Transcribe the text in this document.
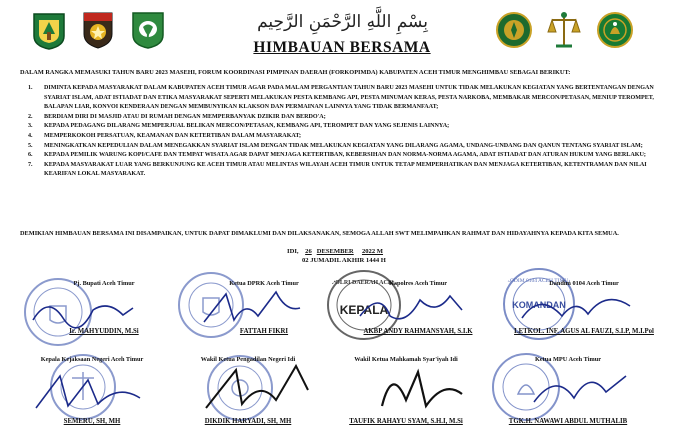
بِسْمِ اللَّهِ الرَّحْمَنِ الرَّحِيم
HIMBAUAN BERSAMA
DALAM RANGKA MEMASUKI TAHUN BARU 2023 MASEHI, FORUM KOORDINASI PIMPINAN DAERAH (FORKOPIMDA) KABUPATEN ACEH TIMUR MENGHIMBAU SEBAGAI BERIKUT:
1. DIMINTA KEPADA MASYARAKAT DALAM KABUPATEN ACEH TIMUR AGAR PADA MALAM PERGANTIAN TAHUN BARU 2023 MASEHI UNTUK TIDAK MELAKUKAN KEGIATAN YANG BERTENTANGAN DENGAN SYARIAT ISLAM, ADAT ISTIADAT DAN ETIKA MASYARAKAT SEPERTI MELAKUKAN PESTA KEMBANG API, PESTA MINUMAN KERAS, PESTA NARKOBA, MEMBAKAR MERCON/PETASAN, MENIUP TEROMPET, BALAPAN LIAR, KONVOI KENDERAAN DENGAN MEMBUNYIKAN KLAKSON DAN PERMAINAN LAINNYA YANG TIDAK BERMANFAAT;
2. BERDIAM DIRI DI MASJID ATAU DI RUMAH DENGAN MEMPERBANYAK DZIKIR DAN BERDO'A;
3. KEPADA PEDAGANG DILARANG MEMPERJUAL BELIKAN MERCON/PETASAN, KEMBANG API, TEROMPET DAN YANG SEJENIS LAINNYA;
4. MEMPERKOKOH PERSATUAN, KEAMANAN DAN KETERTIBAN DALAM MASYARAKAT;
5. MENINGKATKAN KEPEDULIAN DALAM MENEGAKKAN SYARIAT ISLAM DENGAN TIDAK MELAKUKAN KEGIATAN YANG DILARANG AGAMA, UNDANG-UNDANG DAN QANUN TENTANG SYARIAT ISLAM;
6. KEPADA PEMILIK WARUNG KOPI/CAFE DAN TEMPAT WISATA AGAR DAPAT MENJAGA KETERTIBAN, KEBERSIHAN DAN NORMA-NORMA AGAMA, ADAT ISTIADAT DAN ATURAN HUKUM YANG BERLAKU;
7. KEPADA MASYARAKAT LUAR YANG BERKUNJUNG KE ACEH TIMUR ATAU MELINTAS WILAYAH ACEH TIMUR UNTUK TETAP MEMPERHATIKAN DAN MENJAGA KETERTIBAN, KETENTRAMAN DAN NILAI KEARIFAN LOKAL MASYARAKAT.
DEMIKIAN HIMBAUAN BERSAMA INI DISAMPAIKAN, UNTUK DAPAT DIMAKLUMI DAN DILAKSANAKAN, SEMOGA ALLAH SWT MELIMPAHKAN RAHMAT DAN HIDAYAHNYA KEPADA KITA SEMUA.
IDI, 26 DESEMBER 2022 M
02 JUMADIL AKHIR 1444 H
POLRI DAERAH ACEH
KEPALA
KODIM 0104 ACEH TIMUR
KOMANDAN
Pj. Bupati Aceh Timur
Ir. MAHYUDDIN, M.Si
Ketua DPRK Aceh Timur
FATTAH FIKRI
Kapolres Aceh Timur
AKBP ANDY RAHMANSYAH, S.I.K
Dandim 0104 Aceh Timur
LETKOL. INF. AGUS AL FAUZI, S.I.P, M.I.Pol
Kepala Kejaksaan Negeri Aceh Timur
SEMERU, SH, MH
Wakil Ketua Pengadilan Negeri Idi
DIKDIK HARYADI, SH, MH
Wakil Ketua Mahkamah Syar'iyah Idi
TAUFIK RAHAYU SYAM, S.H.I, M.Si
Ketua MPU Aceh Timur
TGK.H. NAWAWI ABDUL MUTHALIB
